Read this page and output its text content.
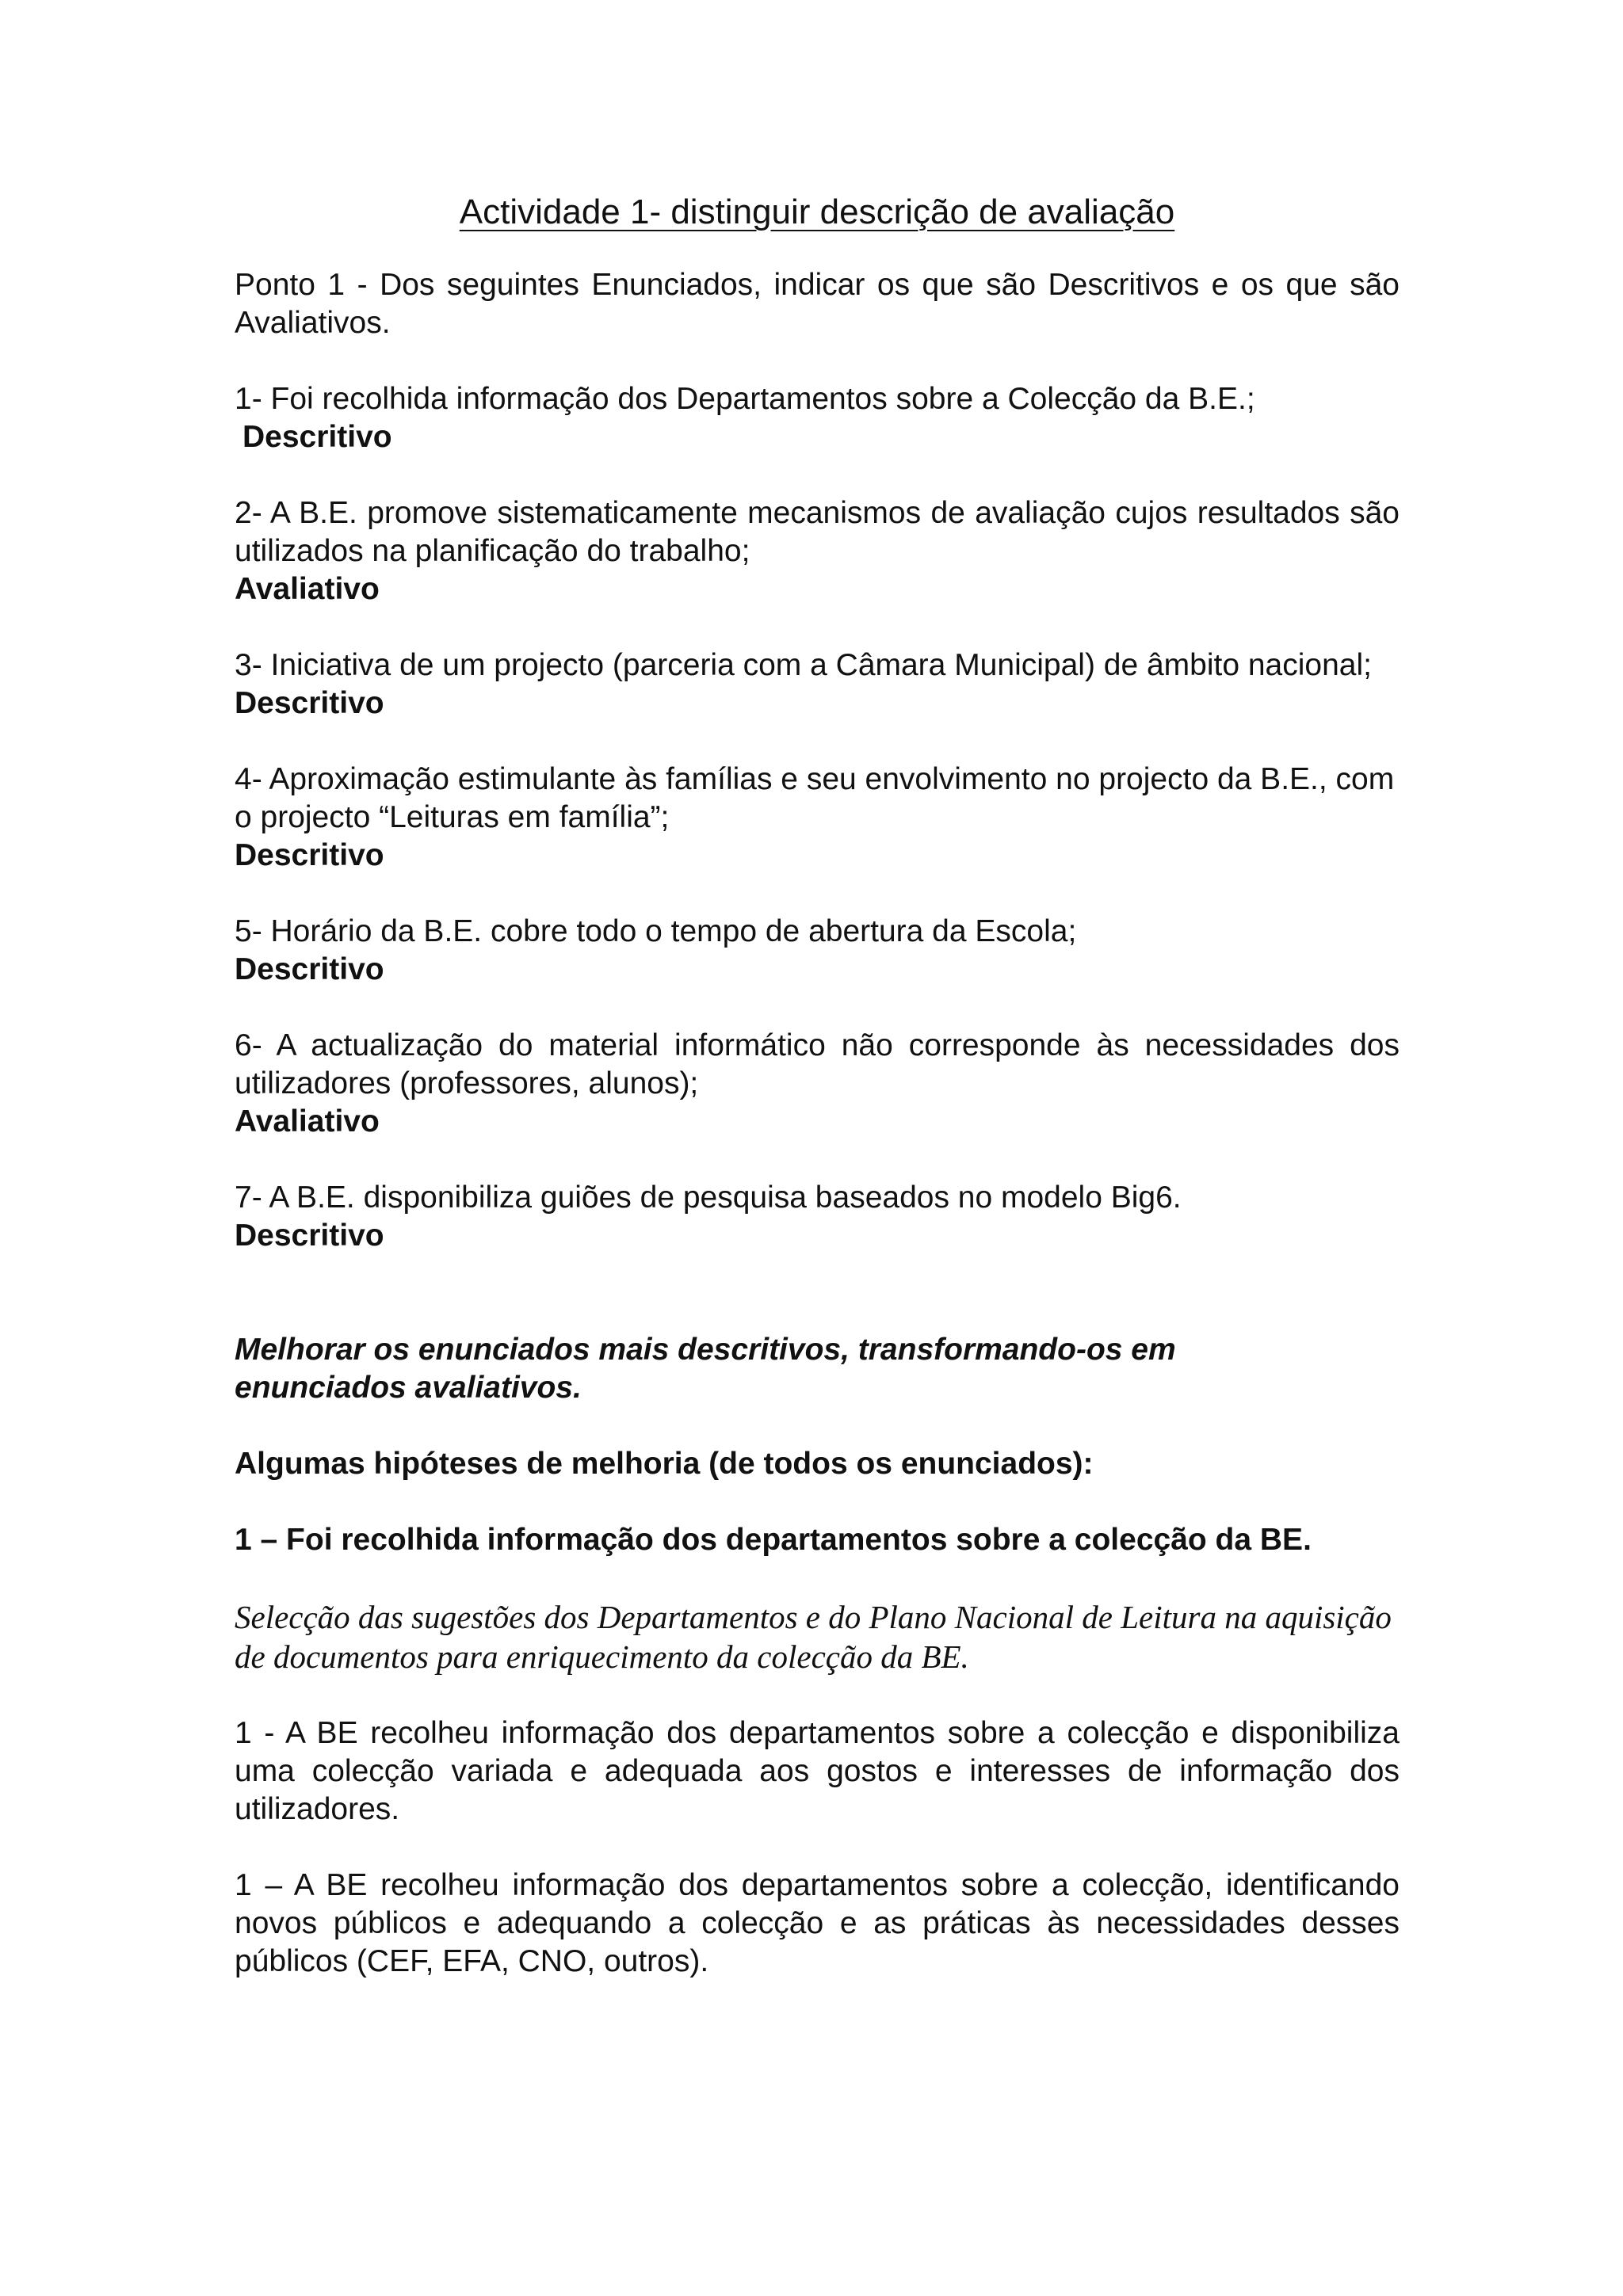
Actividade 1- distinguir descrição de avaliação

Ponto 1 - Dos seguintes Enunciados, indicar os que são Descritivos e os que são Avaliativos.

1- Foi recolhida informação dos Departamentos sobre a Colecção da B.E.;

Descritivo

2- A B.E. promove sistematicamente mecanismos de avaliação cujos resultados são utilizados na planificação do trabalho;

Avaliativo

3- Iniciativa de um projecto (parceria com a Câmara Municipal) de âmbito nacional;

Descritivo

4- Aproximação estimulante às famílias e seu envolvimento no projecto da B.E., com o projecto “Leituras em família”;

Descritivo

5- Horário da B.E. cobre todo o tempo de abertura da Escola;

Descritivo

6- A actualização do material informático não corresponde às necessidades dos utilizadores (professores, alunos);

Avaliativo

7- A B.E. disponibiliza guiões de pesquisa baseados no modelo Big6.

Descritivo

Melhorar os enunciados mais descritivos, transformando-os em enunciados avaliativos.

Algumas hipóteses de melhoria (de todos os enunciados):

1 – Foi recolhida informação dos departamentos sobre a colecção da BE.

Selecção das sugestões dos Departamentos e do Plano Nacional de Leitura na aquisição de documentos para enriquecimento da colecção da BE.

1 - A BE recolheu informação dos departamentos sobre a colecção e disponibiliza uma colecção variada e adequada aos gostos e interesses de informação dos utilizadores.

1 – A BE recolheu informação dos departamentos sobre a colecção, identificando novos públicos e adequando a colecção e as práticas às necessidades desses públicos (CEF, EFA, CNO, outros).
